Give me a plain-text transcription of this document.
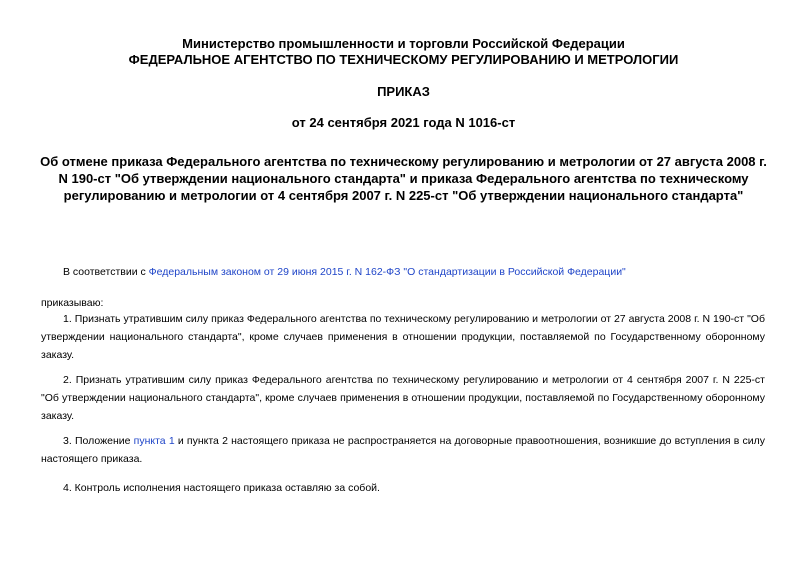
Министерство промышленности и торговли Российской Федерации
ФЕДЕРАЛЬНОЕ АГЕНТСТВО ПО ТЕХНИЧЕСКОМУ РЕГУЛИРОВАНИЮ И МЕТРОЛОГИИ
ПРИКАЗ
от 24 сентября 2021 года N 1016-ст
Об отмене приказа Федерального агентства по техническому регулированию и метрологии от 27 августа 2008 г. N 190-ст "Об утверждении национального стандарта" и приказа Федерального агентства по техническому регулированию и метрологии от 4 сентября 2007 г. N 225-ст "Об утверждении национального стандарта"
В соответствии с Федеральным законом от 29 июня 2015 г. N 162-ФЗ "О стандартизации в Российской Федерации"
приказываю:
1. Признать утратившим силу приказ Федерального агентства по техническому регулированию и метрологии от 27 августа 2008 г. N 190-ст "Об утверждении национального стандарта", кроме случаев применения в отношении продукции, поставляемой по Государственному оборонному заказу.
2. Признать утратившим силу приказ Федерального агентства по техническому регулированию и метрологии от 4 сентября 2007 г. N 225-ст "Об утверждении национального стандарта", кроме случаев применения в отношении продукции, поставляемой по Государственному оборонному заказу.
3. Положение пункта 1 и пункта 2 настоящего приказа не распространяется на договорные правоотношения, возникшие до вступления в силу настоящего приказа.
4. Контроль исполнения настоящего приказа оставляю за собой.
